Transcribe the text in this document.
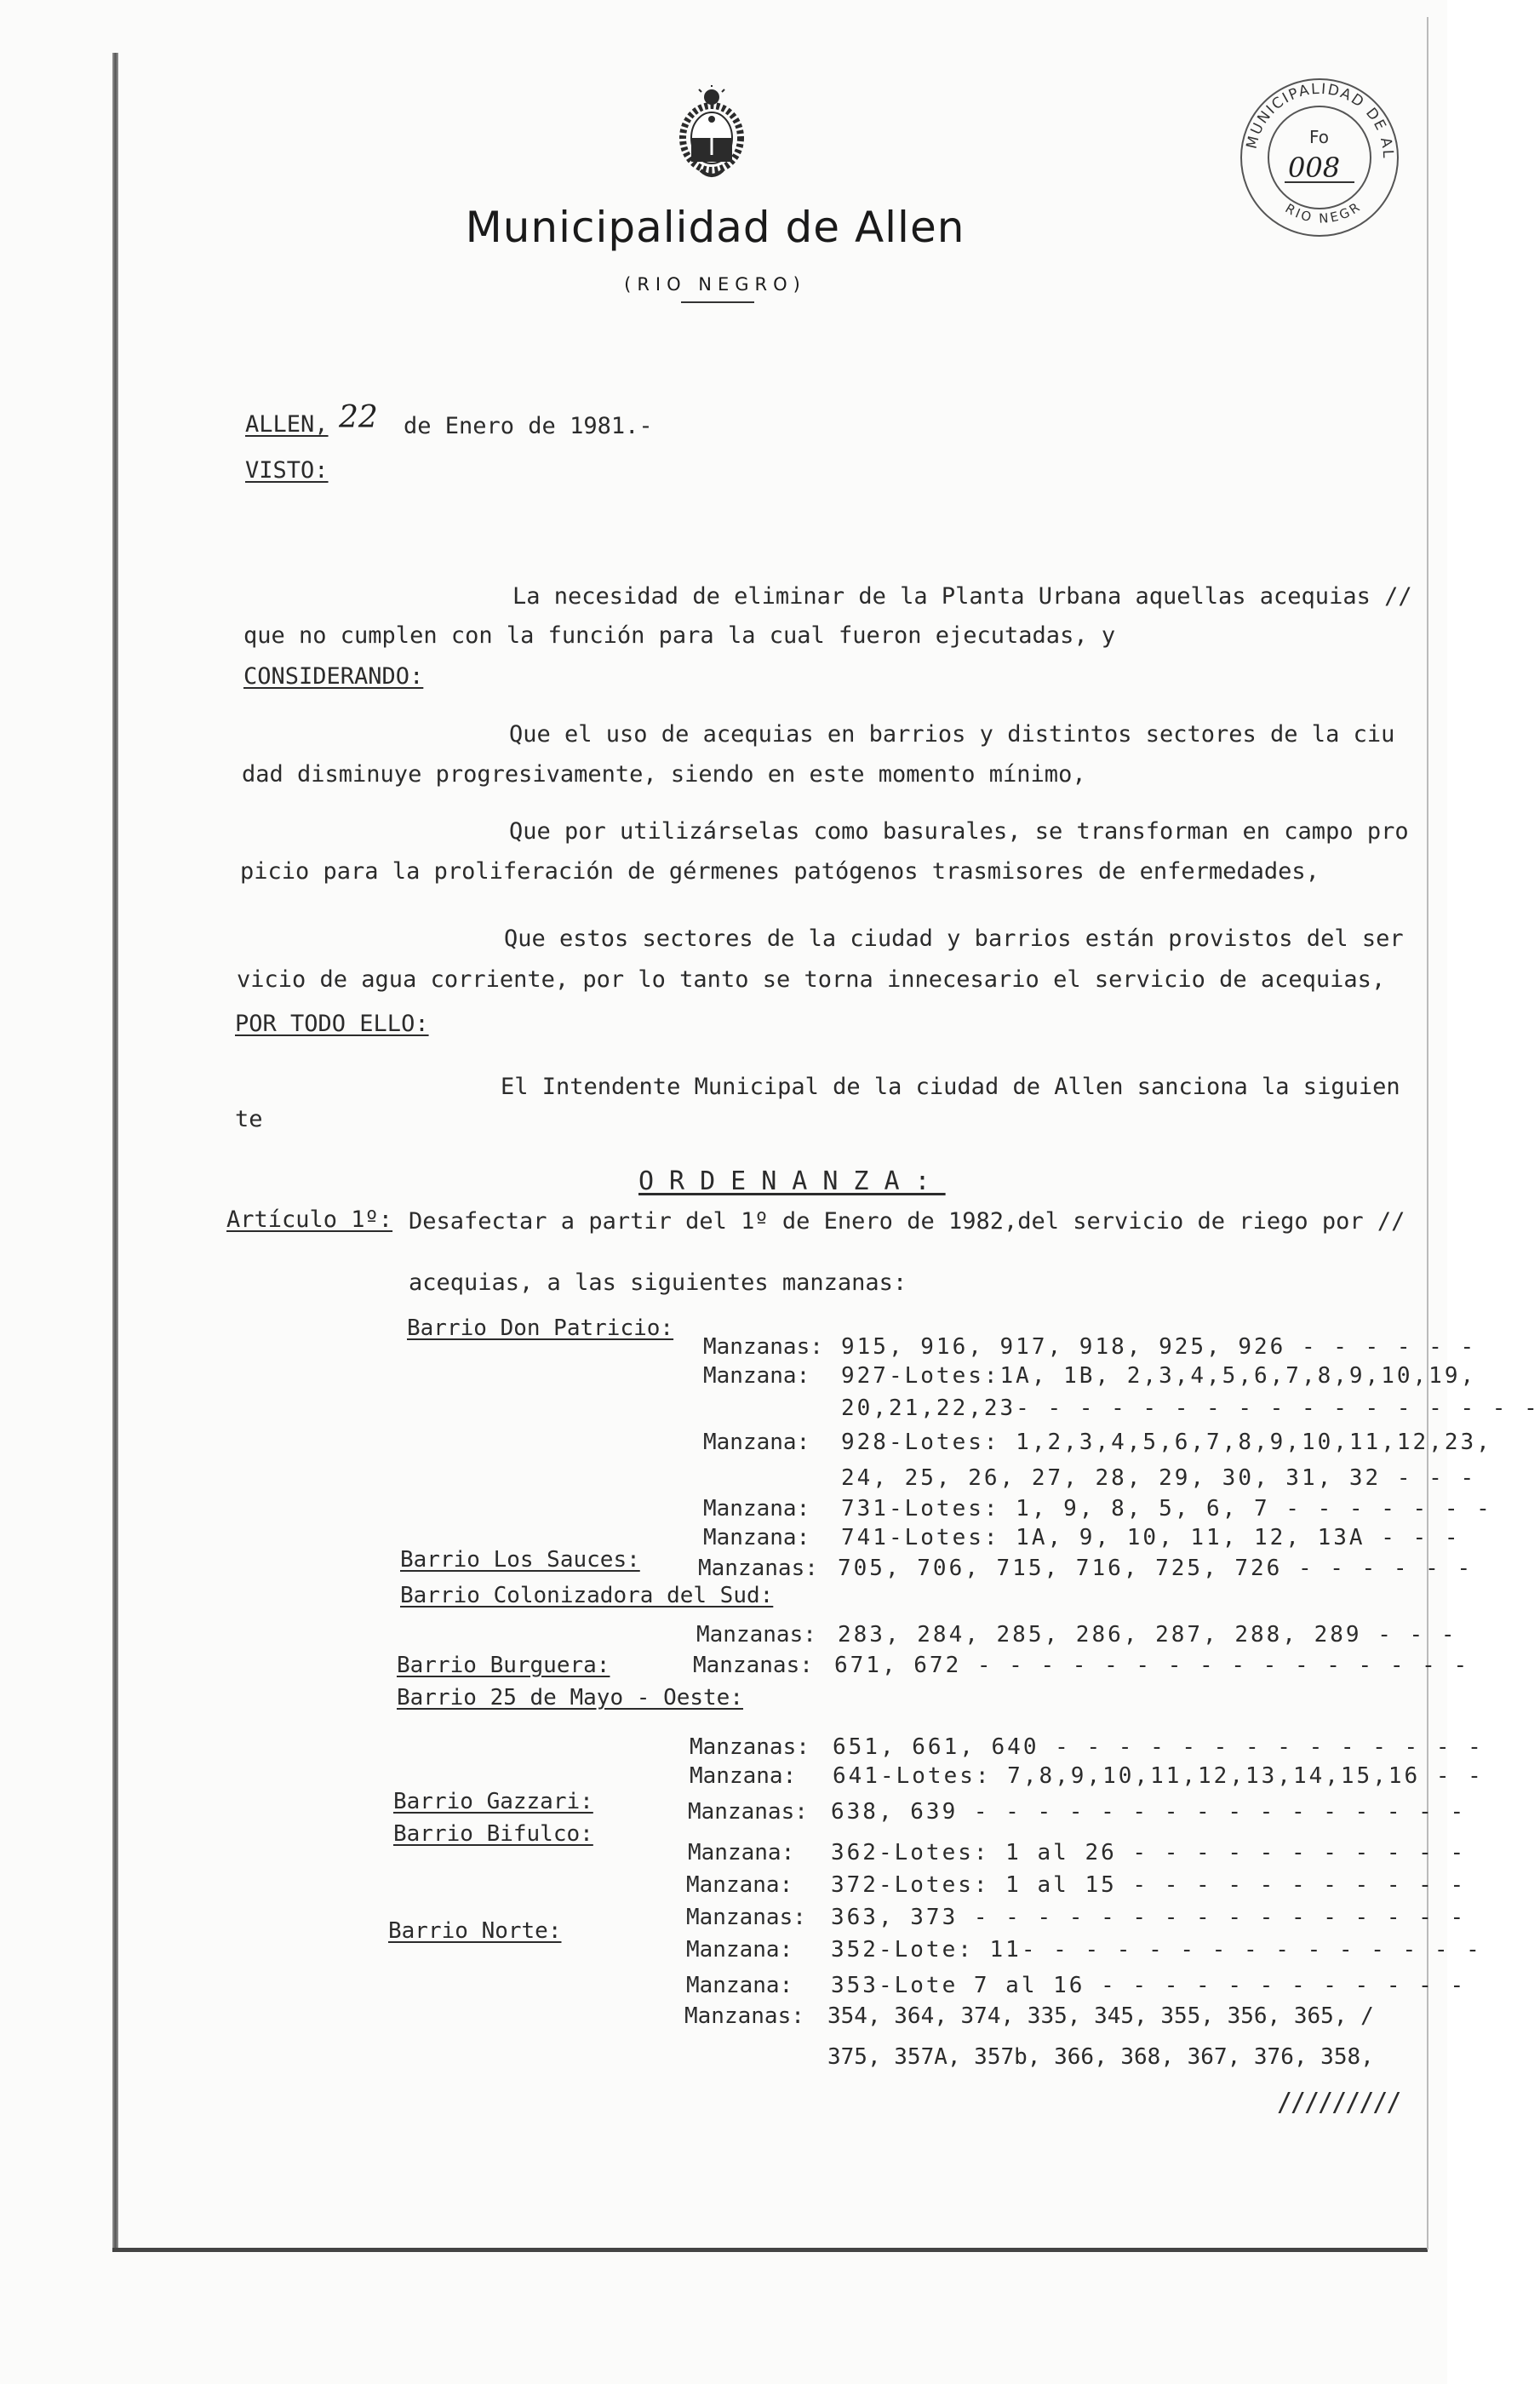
Municipalidad de Allen
(RIO NEGRO)
MUNICIPALIDAD DE AL
RIO NEGR
Fo
008
ALLEN, 22 de Enero de 1981.-
VISTO:
La necesidad de eliminar de la Planta Urbana aquellas acequias //
que no cumplen con la función para la cual fueron ejecutadas, y
CONSIDERANDO:
Que el uso de acequias en barrios y distintos sectores de la ciu
dad disminuye progresivamente, siendo en este momento mínimo,
Que por utilizárselas como basurales, se transforman en campo pro
picio para la proliferación de gérmenes patógenos trasmisores de enfermedades,
Que estos sectores de la ciudad y barrios están provistos del ser
vicio de agua corriente, por lo tanto se torna innecesario el servicio de acequias,
POR TODO ELLO:
El Intendente Municipal de la ciudad de Allen sanciona la siguien
te
ORDENANZA:
Artículo 1º: Desafectar a partir del 1º de Enero de 1982,del servicio de riego por //
acequias, a las siguientes manzanas:
Barrio Don Patricio:
Barrio Los Sauces:
Barrio Colonizadora del Sud:
Barrio Burguera:
Barrio 25 de Mayo - Oeste:
Barrio Gazzari:
Barrio Bifulco:
Barrio Norte:
Manzanas: 915, 916, 917, 918, 925, 926 - - - - - -
Manzana: 927-Lotes:1A, 1B, 2,3,4,5,6,7,8,9,10,19,
20,21,22,23- - - - - - - - - - - - - - - - -
Manzana: 928-Lotes: 1,2,3,4,5,6,7,8,9,10,11,12,23,
24, 25, 26, 27, 28, 29, 30, 31, 32 - - -
Manzana: 731-Lotes: 1, 9, 8, 5, 6, 7 - - - - - - -
Manzana: 741-Lotes: 1A, 9, 10, 11, 12, 13A - - -
Manzanas: 705, 706, 715, 716, 725, 726 - - - - - -
Manzanas: 283, 284, 285, 286, 287, 288, 289 - - -
Manzanas: 671, 672 - - - - - - - - - - - - - - - -
Manzanas: 651, 661, 640 - - - - - - - - - - - - - -
Manzana: 641-Lotes: 7,8,9,10,11,12,13,14,15,16 - -
Manzanas: 638, 639 - - - - - - - - - - - - - - - -
Manzana: 362-Lotes: 1 al 26 - - - - - - - - - - -
Manzana: 372-Lotes: 1 al 15 - - - - - - - - - - -
Manzanas: 363, 373 - - - - - - - - - - - - - - - -
Manzana: 352-Lote: 11- - - - - - - - - - - - - - -
Manzana: 353-Lote 7 al 16 - - - - - - - - - - - -
Manzanas: 354, 364, 374, 335, 345, 355, 356, 365, /
375, 357A, 357b, 366, 368, 367, 376, 358,
/////////
